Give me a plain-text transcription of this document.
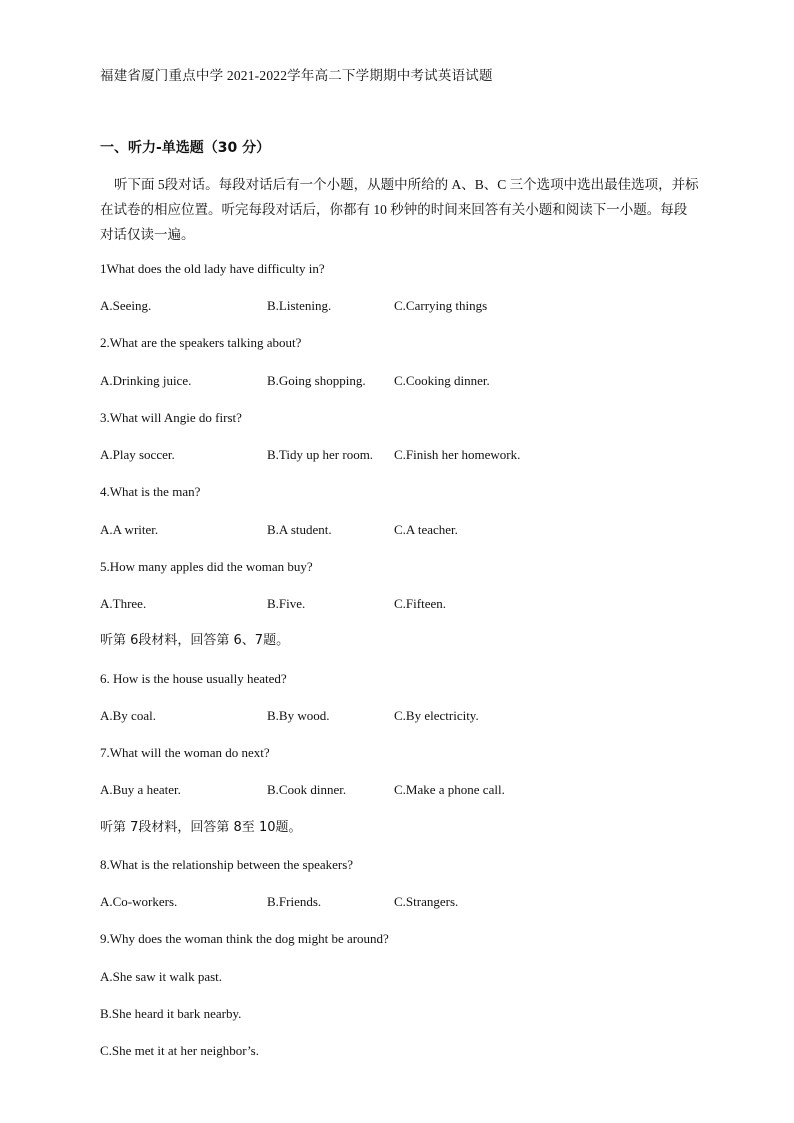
福建省厦门重点中学 2021-2022学年高二下学期期中考试英语试题
一、听力-单选题（30 分）
听下面 5段对话。每段对话后有一个小题，从题中所给的 A、B、C 三个选项中选出最佳选项，并标在试卷的相应位置。听完每段对话后，你都有 10 秒钟的时间来回答有关小题和阅读下一小题。每段对话仅读一遍。
1What does the old lady have difficulty in?
A.Seeing.	B.Listening.	C.Carrying things
2.What are the speakers talking about?
A.Drinking juice.	B.Going shopping. C.Cooking dinner.
3.What will Angie do first?
A.Play soccer.	B.Tidy up her room. C.Finish her homework.
4.What is the man?
A.A writer.	B.A student.	C.A teacher.
5.How many apples did the woman buy?
A.Three.	B.Five.	C.Fifteen.
听第 6段材料，回答第 6、7题。
6. How is the house usually heated?
A.By coal.	B.By wood.	C.By electricity.
7.What will the woman do next?
A.Buy a heater.	B.Cook dinner.	C.Make a phone call.
听第 7段材料，回答第 8至 10题。
8.What is the relationship between the speakers?
A.Co-workers.	B.Friends.	C.Strangers.
9.Why does the woman think the dog might be around?
A.She saw it walk past.
B.She heard it bark nearby.
C.She met it at her neighbor’s.
